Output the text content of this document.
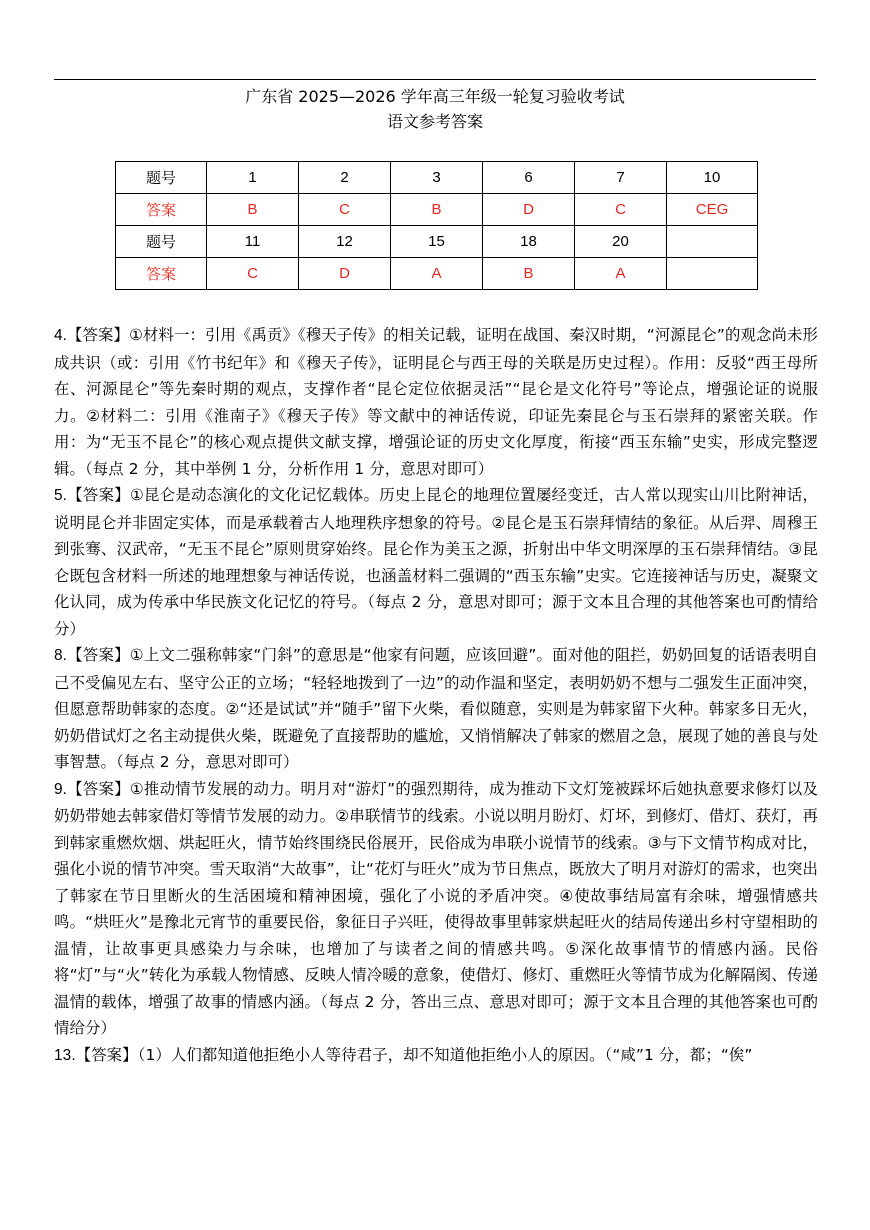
广东省 2025—2026 学年高三年级一轮复习验收考试
语文参考答案
题号	1	2	3	6	7	10
答案	B	C	B	D	C	CEG
题号	11	12	15	18	20	
答案	C	D	A	B	A	

4.【答案】①材料一：引用《禹贡》《穆天子传》的相关记载，证明在战国、秦汉时期，“河源昆仑”的观念尚未形成共识（或：引用《竹书纪年》和《穆天子传》，证明昆仑与西王母的关联是历史过程）。作用：反驳“西王母所在、河源昆仑”等先秦时期的观点，支撑作者“昆仑定位依据灵活”“昆仑是文化符号”等论点，增强论证的说服力。②材料二：引用《淮南子》《穆天子传》等文献中的神话传说，印证先秦昆仑与玉石崇拜的紧密关联。作用：为“无玉不昆仑”的核心观点提供文献支撑，增强论证的历史文化厚度，衔接“西玉东输”史实，形成完整逻辑。（每点 2 分，其中举例 1 分，分析作用 1 分，意思对即可）

5.【答案】①昆仑是动态演化的文化记忆载体。历史上昆仑的地理位置屡经变迁，古人常以现实山川比附神话，说明昆仑并非固定实体，而是承载着古人地理秩序想象的符号。②昆仑是玉石崇拜情结的象征。从后羿、周穆王到张骞、汉武帝，“无玉不昆仑”原则贯穿始终。昆仑作为美玉之源，折射出中华文明深厚的玉石崇拜情结。③昆仑既包含材料一所述的地理想象与神话传说，也涵盖材料二强调的“西玉东输”史实。它连接神话与历史，凝聚文化认同，成为传承中华民族文化记忆的符号。（每点 2 分，意思对即可；源于文本且合理的其他答案也可酌情给分）

8.【答案】①上文二强称韩家“门斜”的意思是“他家有问题，应该回避”。面对他的阻拦，奶奶回复的话语表明自己不受偏见左右、坚守公正的立场；“轻轻地拨到了一边”的动作温和坚定，表明奶奶不想与二强发生正面冲突，但愿意帮助韩家的态度。②“还是试试”并“随手”留下火柴，看似随意，实则是为韩家留下火种。韩家多日无火，奶奶借试灯之名主动提供火柴，既避免了直接帮助的尴尬，又悄悄解决了韩家的燃眉之急，展现了她的善良与处事智慧。（每点 2 分，意思对即可）

9.【答案】①推动情节发展的动力。明月对“游灯”的强烈期待，成为推动下文灯笼被踩坏后她执意要求修灯以及奶奶带她去韩家借灯等情节发展的动力。②串联情节的线索。小说以明月盼灯、灯坏，到修灯、借灯、获灯，再到韩家重燃炊烟、烘起旺火，情节始终围绕民俗展开，民俗成为串联小说情节的线索。③与下文情节构成对比，强化小说的情节冲突。雪天取消“大故事”，让“花灯与旺火”成为节日焦点，既放大了明月对游灯的需求，也突出了韩家在节日里断火的生活困境和精神困境，强化了小说的矛盾冲突。④使故事结局富有余味，增强情感共鸣。“烘旺火”是豫北元宵节的重要民俗，象征日子兴旺，使得故事里韩家烘起旺火的结局传递出乡村守望相助的温情，让故事更具感染力与余味，也增加了与读者之间的情感共鸣。⑤深化故事情节的情感内涵。民俗将“灯”与“火”转化为承载人物情感、反映人情冷暖的意象，使借灯、修灯、重燃旺火等情节成为化解隔阂、传递温情的载体，增强了故事的情感内涵。（每点 2 分，答出三点、意思对即可；源于文本且合理的其他答案也可酌情给分）

13.【答案】（1）人们都知道他拒绝小人等待君子，却不知道他拒绝小人的原因。（“咸”1 分，都；“俟”
